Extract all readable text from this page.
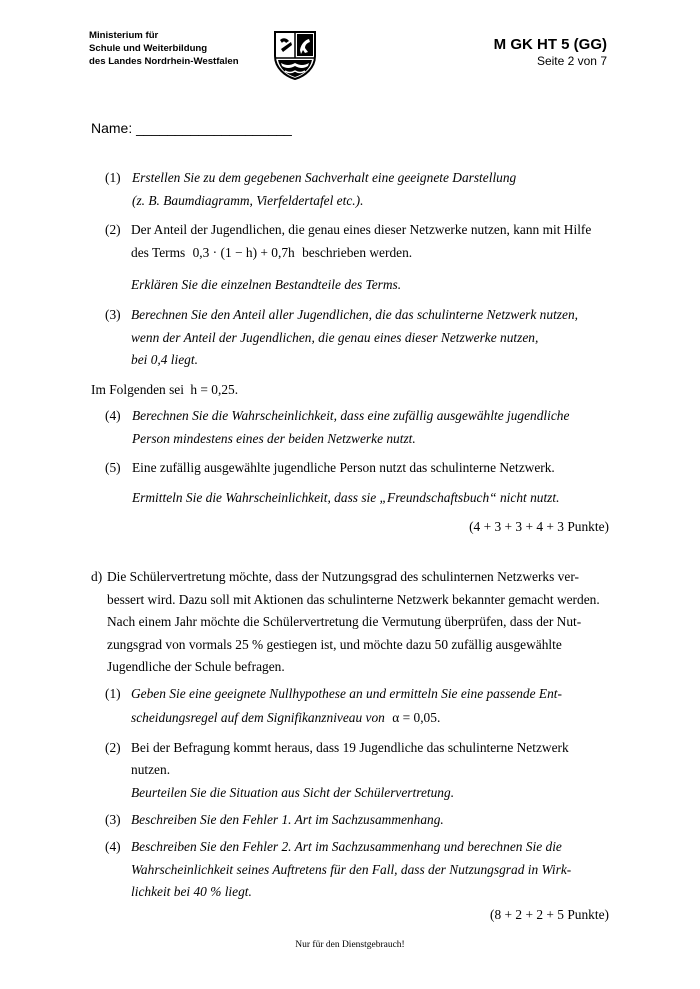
Ministerium für
Schule und Weiterbildung
des Landes Nordrhein-Westfalen
M GK HT 5 (GG)
Seite 2 von 7
Name: ____________________
(1) Erstellen Sie zu dem gegebenen Sachverhalt eine geeignete Darstellung
(z. B. Baumdiagramm, Vierfeldertafel etc.).
(2) Der Anteil der Jugendlichen, die genau eines dieser Netzwerke nutzen, kann mit Hilfe
des Terms 0,3 · (1 − h) + 0,7h beschrieben werden.
Erklären Sie die einzelnen Bestandteile des Terms.
(3) Berechnen Sie den Anteil aller Jugendlichen, die das schulinterne Netzwerk nutzen,
wenn der Anteil der Jugendlichen, die genau eines dieser Netzwerke nutzen,
bei 0,4 liegt.
Im Folgenden sei h = 0,25.
(4) Berechnen Sie die Wahrscheinlichkeit, dass eine zufällig ausgewählte jugendliche
Person mindestens eines der beiden Netzwerke nutzt.
(5) Eine zufällig ausgewählte jugendliche Person nutzt das schulinterne Netzwerk.
Ermitteln Sie die Wahrscheinlichkeit, dass sie „Freundschaftsbuch“ nicht nutzt.
(4 + 3 + 3 + 4 + 3 Punkte)
d) Die Schülervertretung möchte, dass der Nutzungsgrad des schulinternen Netzwerks ver-
bessert wird. Dazu soll mit Aktionen das schulinterne Netzwerk bekannter gemacht werden.
Nach einem Jahr möchte die Schülervertretung die Vermutung überprüfen, dass der Nut-
zungsgrad von vormals 25 % gestiegen ist, und möchte dazu 50 zufällig ausgewählte
Jugendliche der Schule befragen.
(1) Geben Sie eine geeignete Nullhypothese an und ermitteln Sie eine passende Ent-
scheidungsregel auf dem Signifikanzniveau von α = 0,05.
(2) Bei der Befragung kommt heraus, dass 19 Jugendliche das schulinterne Netzwerk
nutzen.
Beurteilen Sie die Situation aus Sicht der Schülervertretung.
(3) Beschreiben Sie den Fehler 1. Art im Sachzusammenhang.
(4) Beschreiben Sie den Fehler 2. Art im Sachzusammenhang und berechnen Sie die
Wahrscheinlichkeit seines Auftretens für den Fall, dass der Nutzungsgrad in Wirk-
lichkeit bei 40 % liegt.
(8 + 2 + 2 + 5 Punkte)
Nur für den Dienstgebrauch!
